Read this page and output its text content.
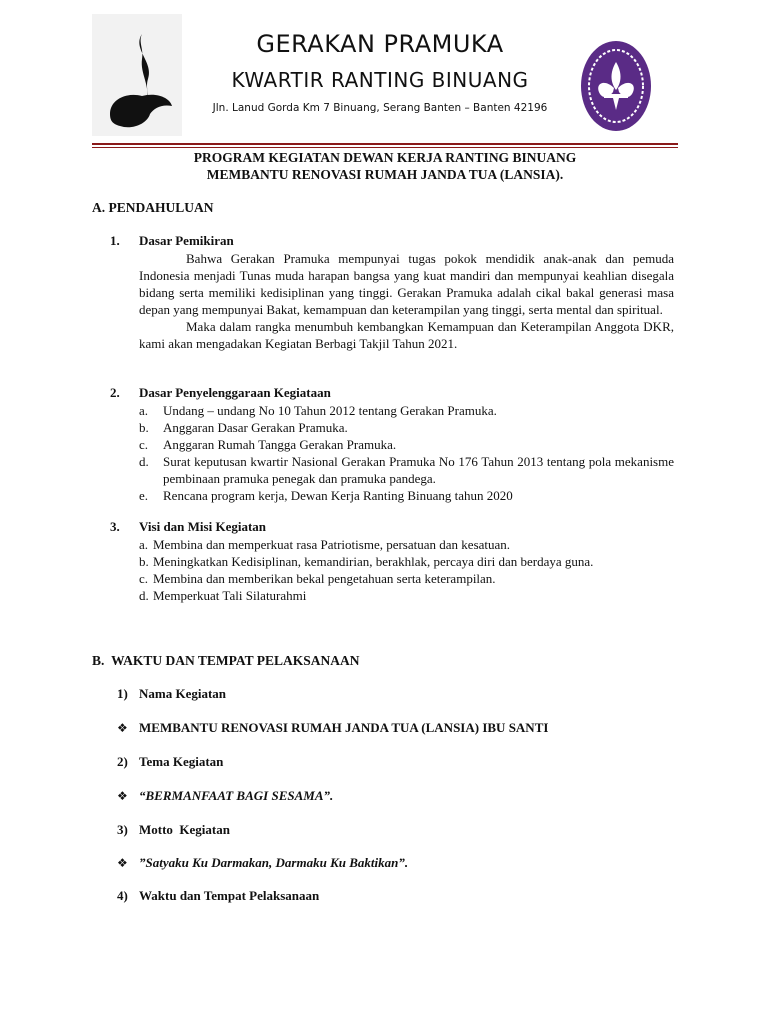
GERAKAN PRAMUKA
KWARTIR RANTING BINUANG
Jln. Lanud Gorda Km 7 Binuang, Serang Banten – Banten 42196
PROGRAM KEGIATAN DEWAN KERJA RANTING BINUANG
MEMBANTU RENOVASI RUMAH JANDA TUA (LANSIA).
A. PENDAHULUAN
1. Dasar Pemikiran

Bahwa Gerakan Pramuka mempunyai tugas pokok mendidik anak-anak dan pemuda Indonesia menjadi Tunas muda harapan bangsa yang kuat mandiri dan mempunyai keahlian disegala bidang serta memiliki kedisiplinan yang tinggi. Gerakan Pramuka adalah cikal bakal generasi masa depan yang mempunyai Bakat, kemampuan dan keterampilan yang tinggi, serta mental dan spiritual.

Maka dalam rangka menumbuh kembangkan Kemampuan dan Keterampilan Anggota DKR, kami akan mengadakan Kegiatan Berbagi Takjil Tahun 2021.

2. Dasar Penyelenggaraan Kegiataan
a.	Undang – undang No 10 Tahun 2012 tentang Gerakan Pramuka.
b.	Anggaran Dasar Gerakan Pramuka.
c.	Anggaran Rumah Tangga Gerakan Pramuka.
d.	Surat keputusan kwartir Nasional Gerakan Pramuka No 176 Tahun 2013 tentang pola mekanisme pembinaan pramuka penegak dan pramuka pandega.
e.	Rencana program kerja, Dewan Kerja Ranting Binuang tahun 2020
3. Visi dan Misi Kegiatan
a. Membina dan memperkuat rasa Patriotisme, persatuan dan kesatuan.
b. Meningkatkan Kedisiplinan, kemandirian, berakhlak, percaya diri dan berdaya guna.
c. Membina dan memberikan bekal pengetahuan serta keterampilan.
d. Memperkuat Tali Silaturahmi
B.  WAKTU DAN TEMPAT PELAKSANAAN
1) Nama Kegiatan
❖ MEMBANTU RENOVASI RUMAH JANDA TUA (LANSIA) IBU SANTI
2) Tema Kegiatan
❖ “BERMANFAAT BAGI SESAMA”.
3) Motto  Kegiatan
❖ ”Satyaku Ku Darmakan, Darmaku Ku Baktikan”.
4) Waktu dan Tempat Pelaksanaan
